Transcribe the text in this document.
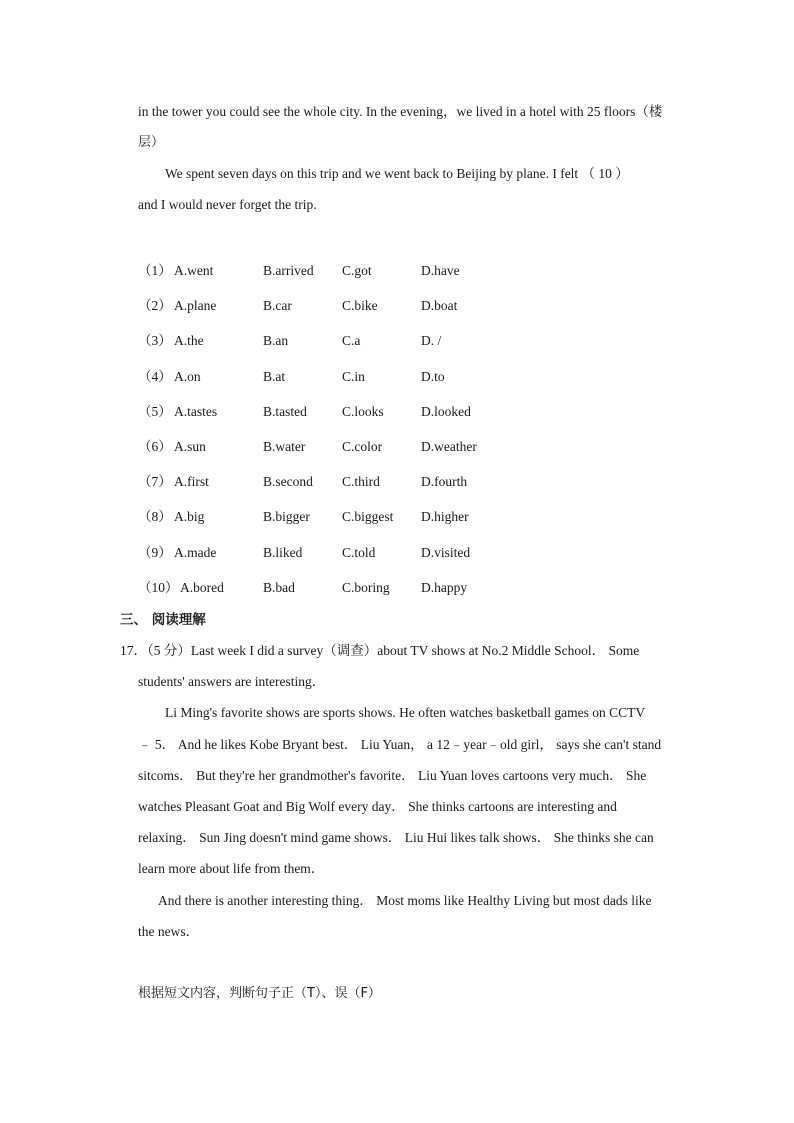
in the tower you could see the whole city. In the evening，we lived in a hotel with 25 floors（楼
层）
We spent seven days on this trip and we went back to Beijing by plane. I felt （ 10 ）
and I would never forget the trip.
（1） A.went	B.arrived C.got	D.have
（2） A.plane	B.car	C.bike	D.boat
（3） A.the	B.an	C.a	D. /
（4） A.on	B.at	C.in	D.to
（5） A.tastes	B.tasted	C.looks	D.looked
（6） A.sun	B.water	C.color	D.weather
（7） A.first	B.second C.third	D.fourth
（8） A.big	B.bigger C.biggest D.higher
（9） A.made	B.liked	C.told	D.visited
（10） A.bored	B.bad	C.boring D.happy
三、 阅读理解
17．（5 分）Last week I did a survey（调查）about TV shows at No.2 Middle School． Some
students' answers are interesting．
Li Ming's favorite shows are sports shows. He often watches basketball games on CCTV
﹣ 5． And he likes Kobe Bryant best． Liu Yuan， a 12﹣year﹣old girl， says she can't stand
sitcoms． But they're her grandmother's favorite． Liu Yuan loves cartoons very much． She
watches Pleasant Goat and Big Wolf every day． She thinks cartoons are interesting and
relaxing． Sun Jing doesn't mind game shows． Liu Hui likes talk shows． She thinks she can
learn more about life from them．
And there is another interesting thing． Most moms like Healthy Living but most dads like
the news．
根据短文内容，判断句子正（T）、误（F）
